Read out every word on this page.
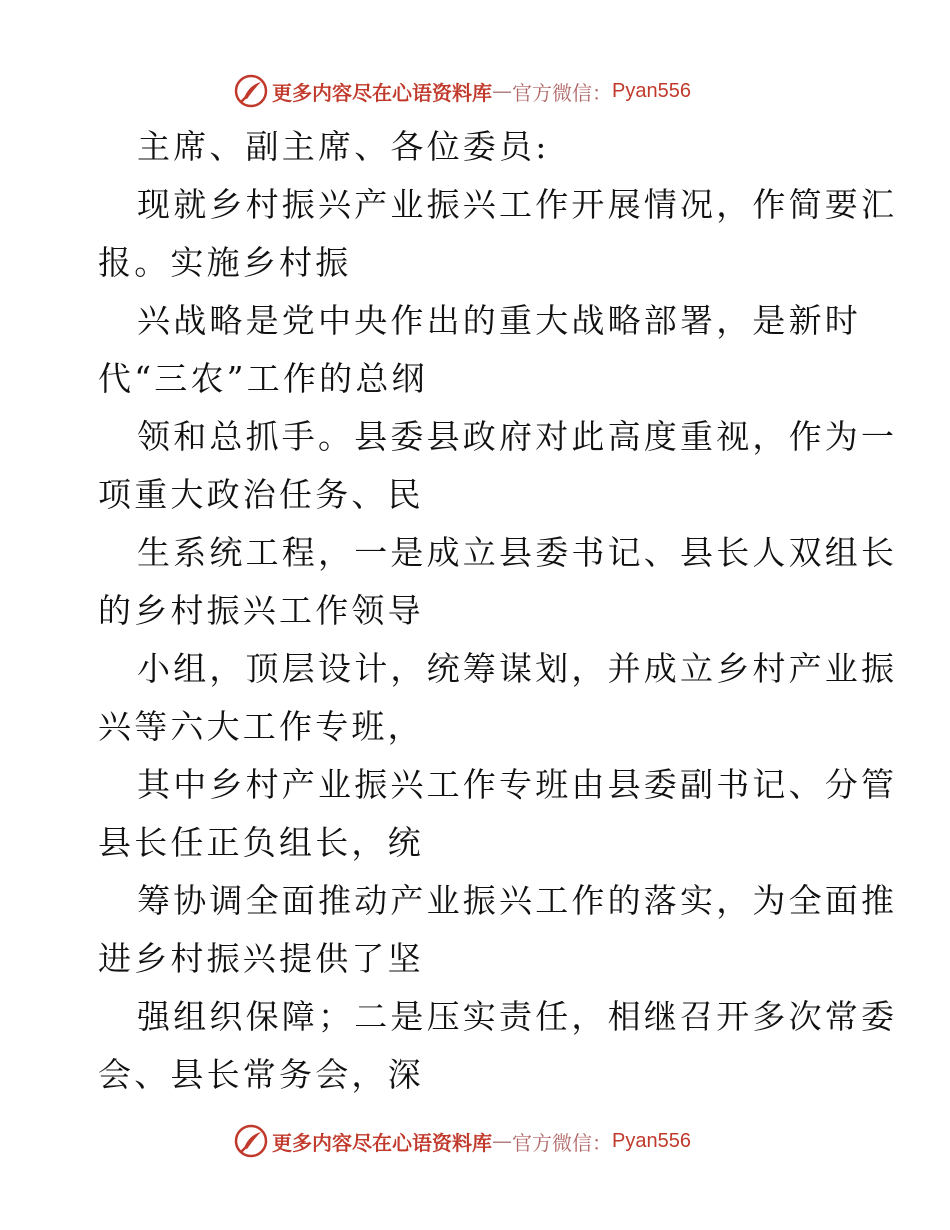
更多内容尽在心语资料库 — 官方微信： Pyan556
主席、副主席、各位委员:
现就乡村振兴产业振兴工作开展情况，作简要汇
报。实施乡村振
兴战略是党中央作出的重大战略部署，是新时
代“三农”工作的总纲
领和总抓手。县委县政府对此高度重视，作为一
项重大政治任务、民
生系统工程，一是成立县委书记、县长人双组长
的乡村振兴工作领导
小组，顶层设计，统筹谋划，并成立乡村产业振
兴等六大工作专班，
其中乡村产业振兴工作专班由县委副书记、分管
县长任正负组长，统
筹协调全面推动产业振兴工作的落实，为全面推
进乡村振兴提供了坚
强组织保障；二是压实责任，相继召开多次常委
会、县长常务会，深
更多内容尽在心语资料库 — 官方微信： Pyan556
